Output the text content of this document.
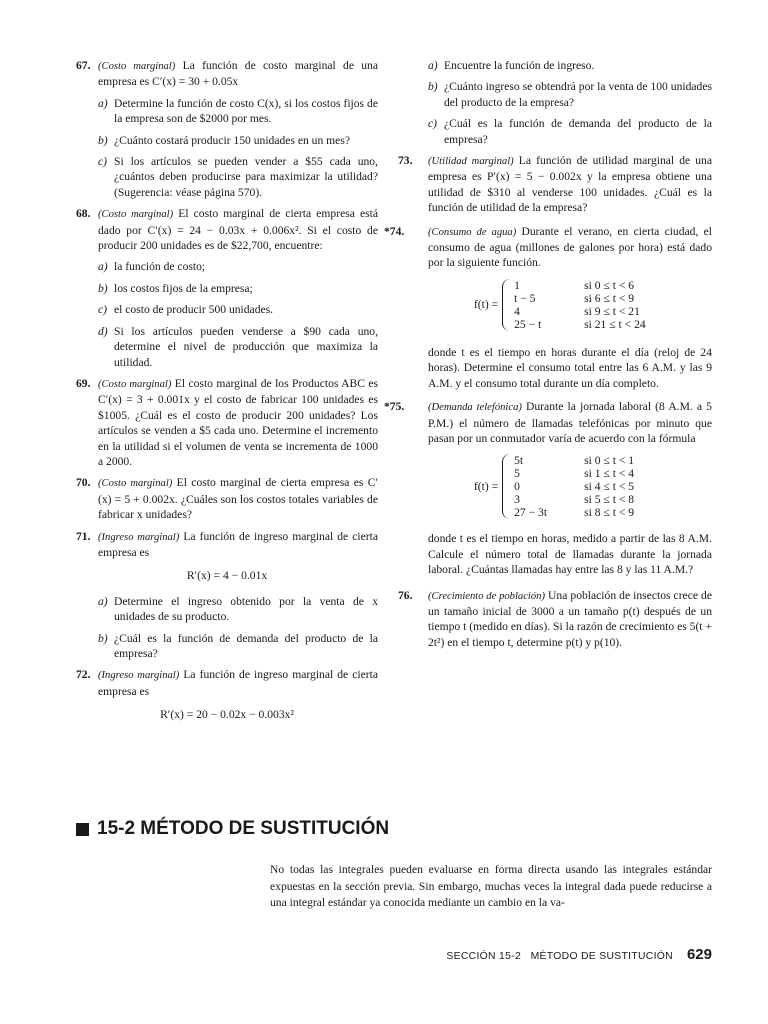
67. (Costo marginal) La función de costo marginal de una empresa es C′(x) = 30 + 0.05x
a) Determine la función de costo C(x), si los costos fijos de la empresa son de $2000 por mes.
b) ¿Cuánto costará producir 150 unidades en un mes?
c) Si los artículos se pueden vender a $55 cada uno, ¿cuántos deben producirse para maximizar la utilidad? (Sugerencia: véase página 570).
68. (Costo marginal) El costo marginal de cierta empresa está dado por C′(x) = 24 − 0.03x + 0.006x². Si el costo de producir 200 unidades es de $22,700, encuentre:
a) la función de costo;
b) los costos fijos de la empresa;
c) el costo de producir 500 unidades.
d) Si los artículos pueden venderse a $90 cada uno, determine el nivel de producción que maximiza la utilidad.
69. (Costo marginal) El costo marginal de los Productos ABC es C′(x) = 3 + 0.001x y el costo de fabricar 100 unidades es $1005. ¿Cuál es el costo de producir 200 unidades? Los artículos se venden a $5 cada uno. Determine el incremento en la utilidad si el volumen de venta se incrementa de 1000 a 2000.
70. (Costo marginal) El costo marginal de cierta empresa es C′(x) = 5 + 0.002x. ¿Cuáles son los costos totales variables de fabricar x unidades?
71. (Ingreso marginal) La función de ingreso marginal de cierta empresa es
R′(x) = 4 − 0.01x
a) Determine el ingreso obtenido por la venta de x unidades de su producto.
b) ¿Cuál es la función de demanda del producto de la empresa?
72. (Ingreso marginal) La función de ingreso marginal de cierta empresa es
R′(x) = 20 − 0.02x − 0.003x²
a) Encuentre la función de ingreso.
b) ¿Cuánto ingreso se obtendrá por la venta de 100 unidades del producto de la empresa?
c) ¿Cuál es la función de demanda del producto de la empresa?
73. (Utilidad marginal) La función de utilidad marginal de una empresa es P′(x) = 5 − 0.002x y la empresa obtiene una utilidad de $310 al venderse 100 unidades. ¿Cuál es la función de utilidad de la empresa?
*74. (Consumo de agua) Durante el verano, en cierta ciudad, el consumo de agua (millones de galones por hora) está dado por la siguiente función.
f(t) =
1	si 0 ≤ t < 6
t − 5	si 6 ≤ t < 9
4	si 9 ≤ t < 21
25 − t	si 21 ≤ t < 24
donde t es el tiempo en horas durante el día (reloj de 24 horas). Determine el consumo total entre las 6 A.M. y las 9 A.M. y el consumo total durante un día completo.
*75. (Demanda telefónica) Durante la jornada laboral (8 A.M. a 5 P.M.) el número de llamadas telefónicas por minuto que pasan por un conmutador varía de acuerdo con la fórmula
f(t) =
5t	si 0 ≤ t < 1
5	si 1 ≤ t < 4
0	si 4 ≤ t < 5
3	si 5 ≤ t < 8
27 − 3t	si 8 ≤ t < 9
donde t es el tiempo en horas, medido a partir de las 8 A.M. Calcule el número total de llamadas durante la jornada laboral. ¿Cuántas llamadas hay entre las 8 y las 11 A.M.?
76. (Crecimiento de población) Una población de insectos crece de un tamaño inicial de 3000 a un tamaño p(t) después de un tiempo t (medido en días). Si la razón de crecimiento es 5(t + 2t²) en el tiempo t, determine p(t) y p(10).
15-2 MÉTODO DE SUSTITUCIÓN
No todas las integrales pueden evaluarse en forma directa usando las integrales estándar expuestas en la sección previa. Sin embargo, muchas veces la integral dada puede reducirse a una integral estándar ya conocida mediante un cambio en la va-
SECCIÓN 15-2   MÉTODO DE SUSTITUCIÓN 629
